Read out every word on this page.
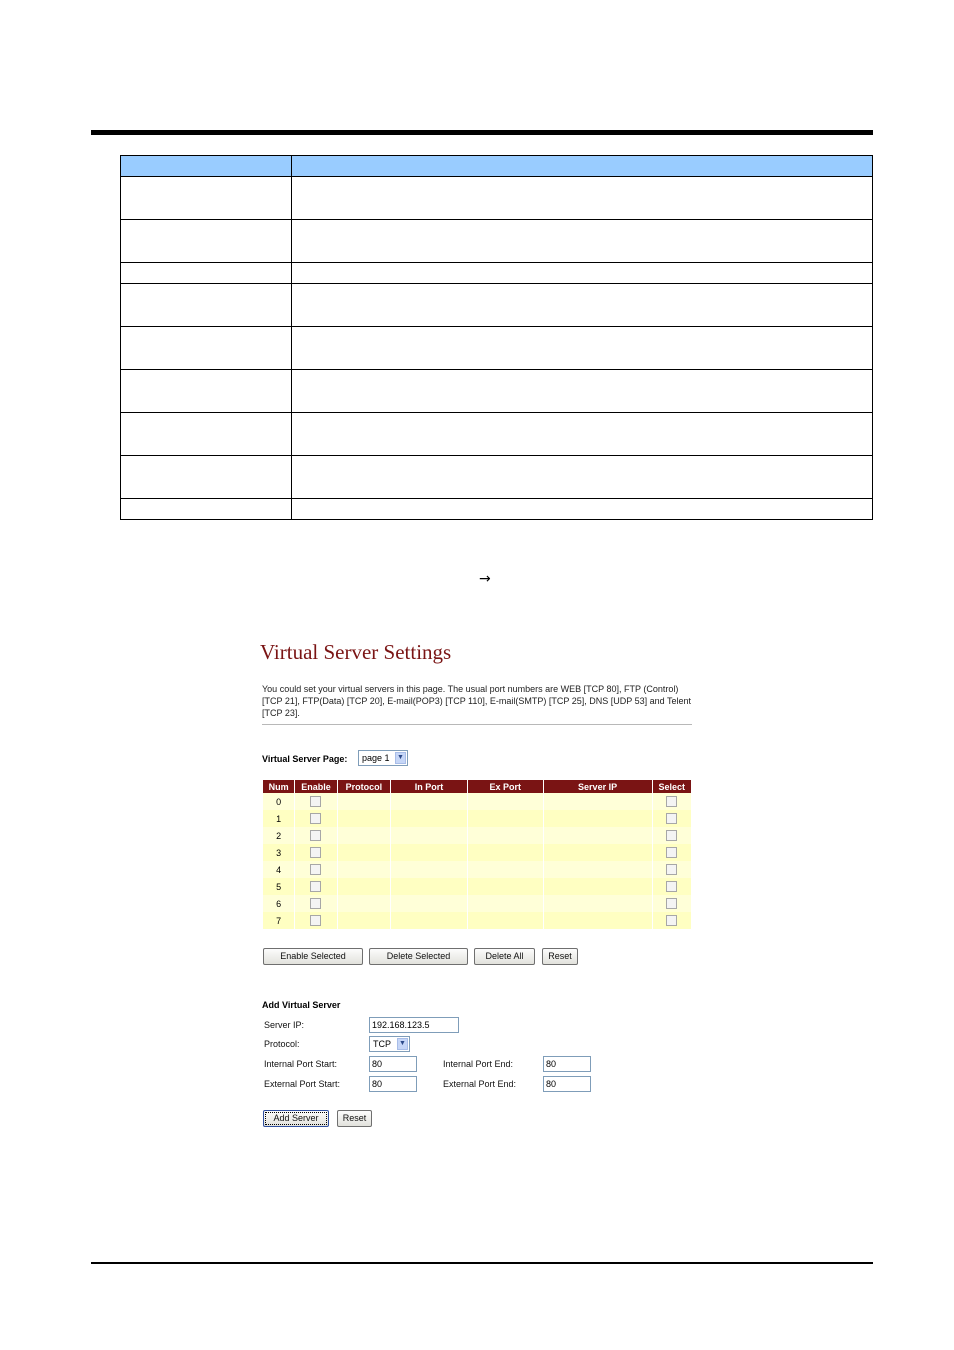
→
Virtual Server Settings
You could set your virtual servers in this page. The usual port numbers are WEB [TCP 80], FTP (Control) [TCP 21], FTP(Data) [TCP 20], E-mail(POP3) [TCP 110], E-mail(SMTP) [TCP 25], DNS [UDP 53] and Telent [TCP 23].
Virtual Server Page:	page 1 ▼
Num	Enable	Protocol	In Port	Ex Port	Server IP	Select
0						
1						
2						
3						
4						
5						
6						
7						
Enable Selected	Delete Selected	Delete All	Reset
Add Virtual Server
Server IP:	192.168.123.5
Protocol:	TCP ▼
Internal Port Start:	80	Internal Port End:	80
External Port Start:	80	External Port End:	80
Add Server	Reset
